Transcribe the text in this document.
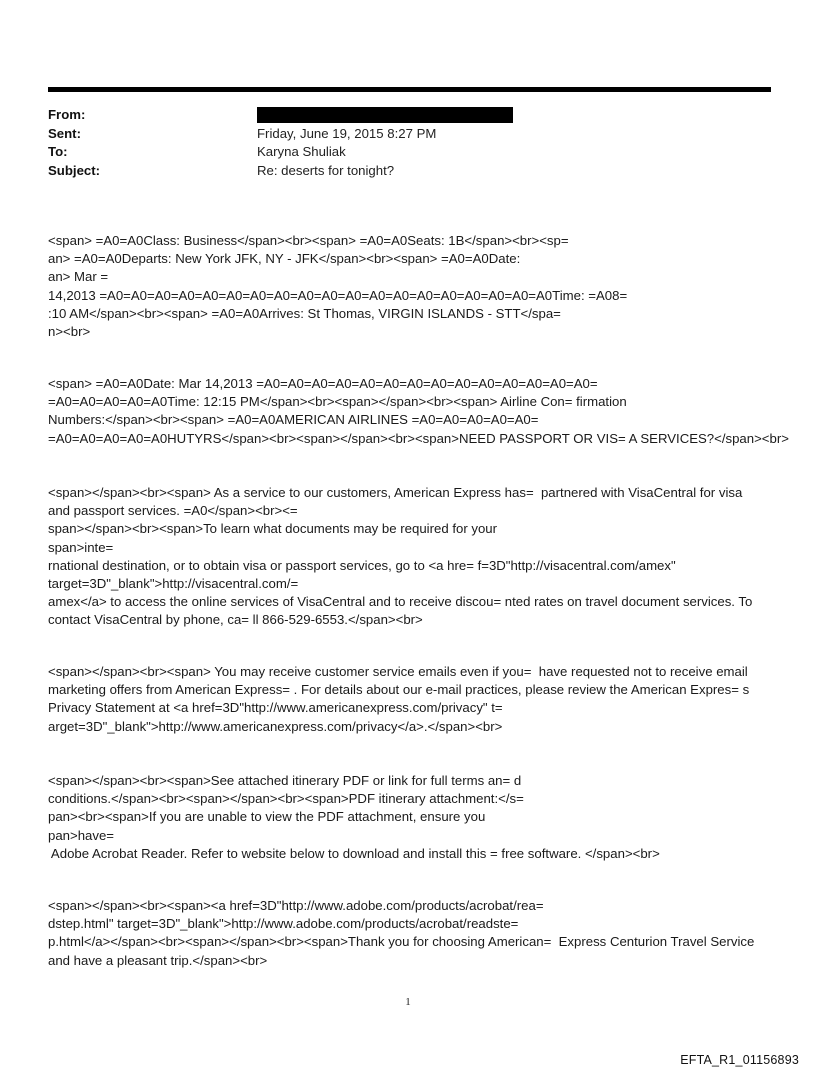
From:
Sent:	Friday, June 19, 2015 8:27 PM
To:	Karyna Shuliak
Subject:	Re: deserts for tonight?
<span> =A0=A0Class: Business</span><br><span> =A0=A0Seats: 1B</span><br><sp=
an> =A0=A0Departs: New York JFK, NY - JFK</span><br><span> =A0=A0Date:
an> Mar =
14,2013 =A0=A0=A0=A0=A0=A0=A0=A0=A0=A0=A0=A0=A0=A0=A0=A0=A0=A0=A0Time: =A08=
:10 AM</span><br><span> =A0=A0Arrives: St Thomas, VIRGIN ISLANDS - STT</spa=
n><br>
<span> =A0=A0Date: Mar 14,2013 =A0=A0=A0=A0=A0=A0=A0=A0=A0=A0=A0=A0=A0=A0=
=A0=A0=A0=A0=A0Time: 12:15 PM</span><br><span></span><br><span> Airline Con= firmation
Numbers:</span><br><span> =A0=A0AMERICAN AIRLINES =A0=A0=A0=A0=A0=
=A0=A0=A0=A0=A0HUTYRS</span><br><span></span><br><span>NEED PASSPORT OR VIS= A SERVICES?</span><br>
<span></span><br><span> As a service to our customers, American Express has=  partnered with VisaCentral for visa
and passport services. =A0</span><br><=
span></span><br><span>To learn what documents may be required for your
span>inte=
rnational destination, or to obtain visa or passport services, go to <a hre= f=3D"http://visacentral.com/amex"
target=3D"_blank">http://visacentral.com/=
amex</a> to access the online services of VisaCentral and to receive discou= nted rates on travel document services. To
contact VisaCentral by phone, ca= ll 866-529-6553.</span><br>
<span></span><br><span> You may receive customer service emails even if you=  have requested not to receive email
marketing offers from American Express= . For details about our e-mail practices, please review the American Expres= s
Privacy Statement at <a href=3D"http://www.americanexpress.com/privacy" t=
arget=3D"_blank">http://www.americanexpress.com/privacy</a>.</span><br>
<span></span><br><span>See attached itinerary PDF or link for full terms an= d
conditions.</span><br><span></span><br><span>PDF itinerary attachment:</s=
pan><br><span>If you are unable to view the PDF attachment, ensure you
pan>have=
Adobe Acrobat Reader. Refer to website below to download and install this = free software. </span><br>
<span></span><br><span><a href=3D"http://www.adobe.com/products/acrobat/rea=
dstep.html" target=3D"_blank">http://www.adobe.com/products/acrobat/readste=
p.html</a></span><br><span></span><br><span>Thank you for choosing American=  Express Centurion Travel Service
and have a pleasant trip.</span><br>
1
EFTA_R1_01156893
